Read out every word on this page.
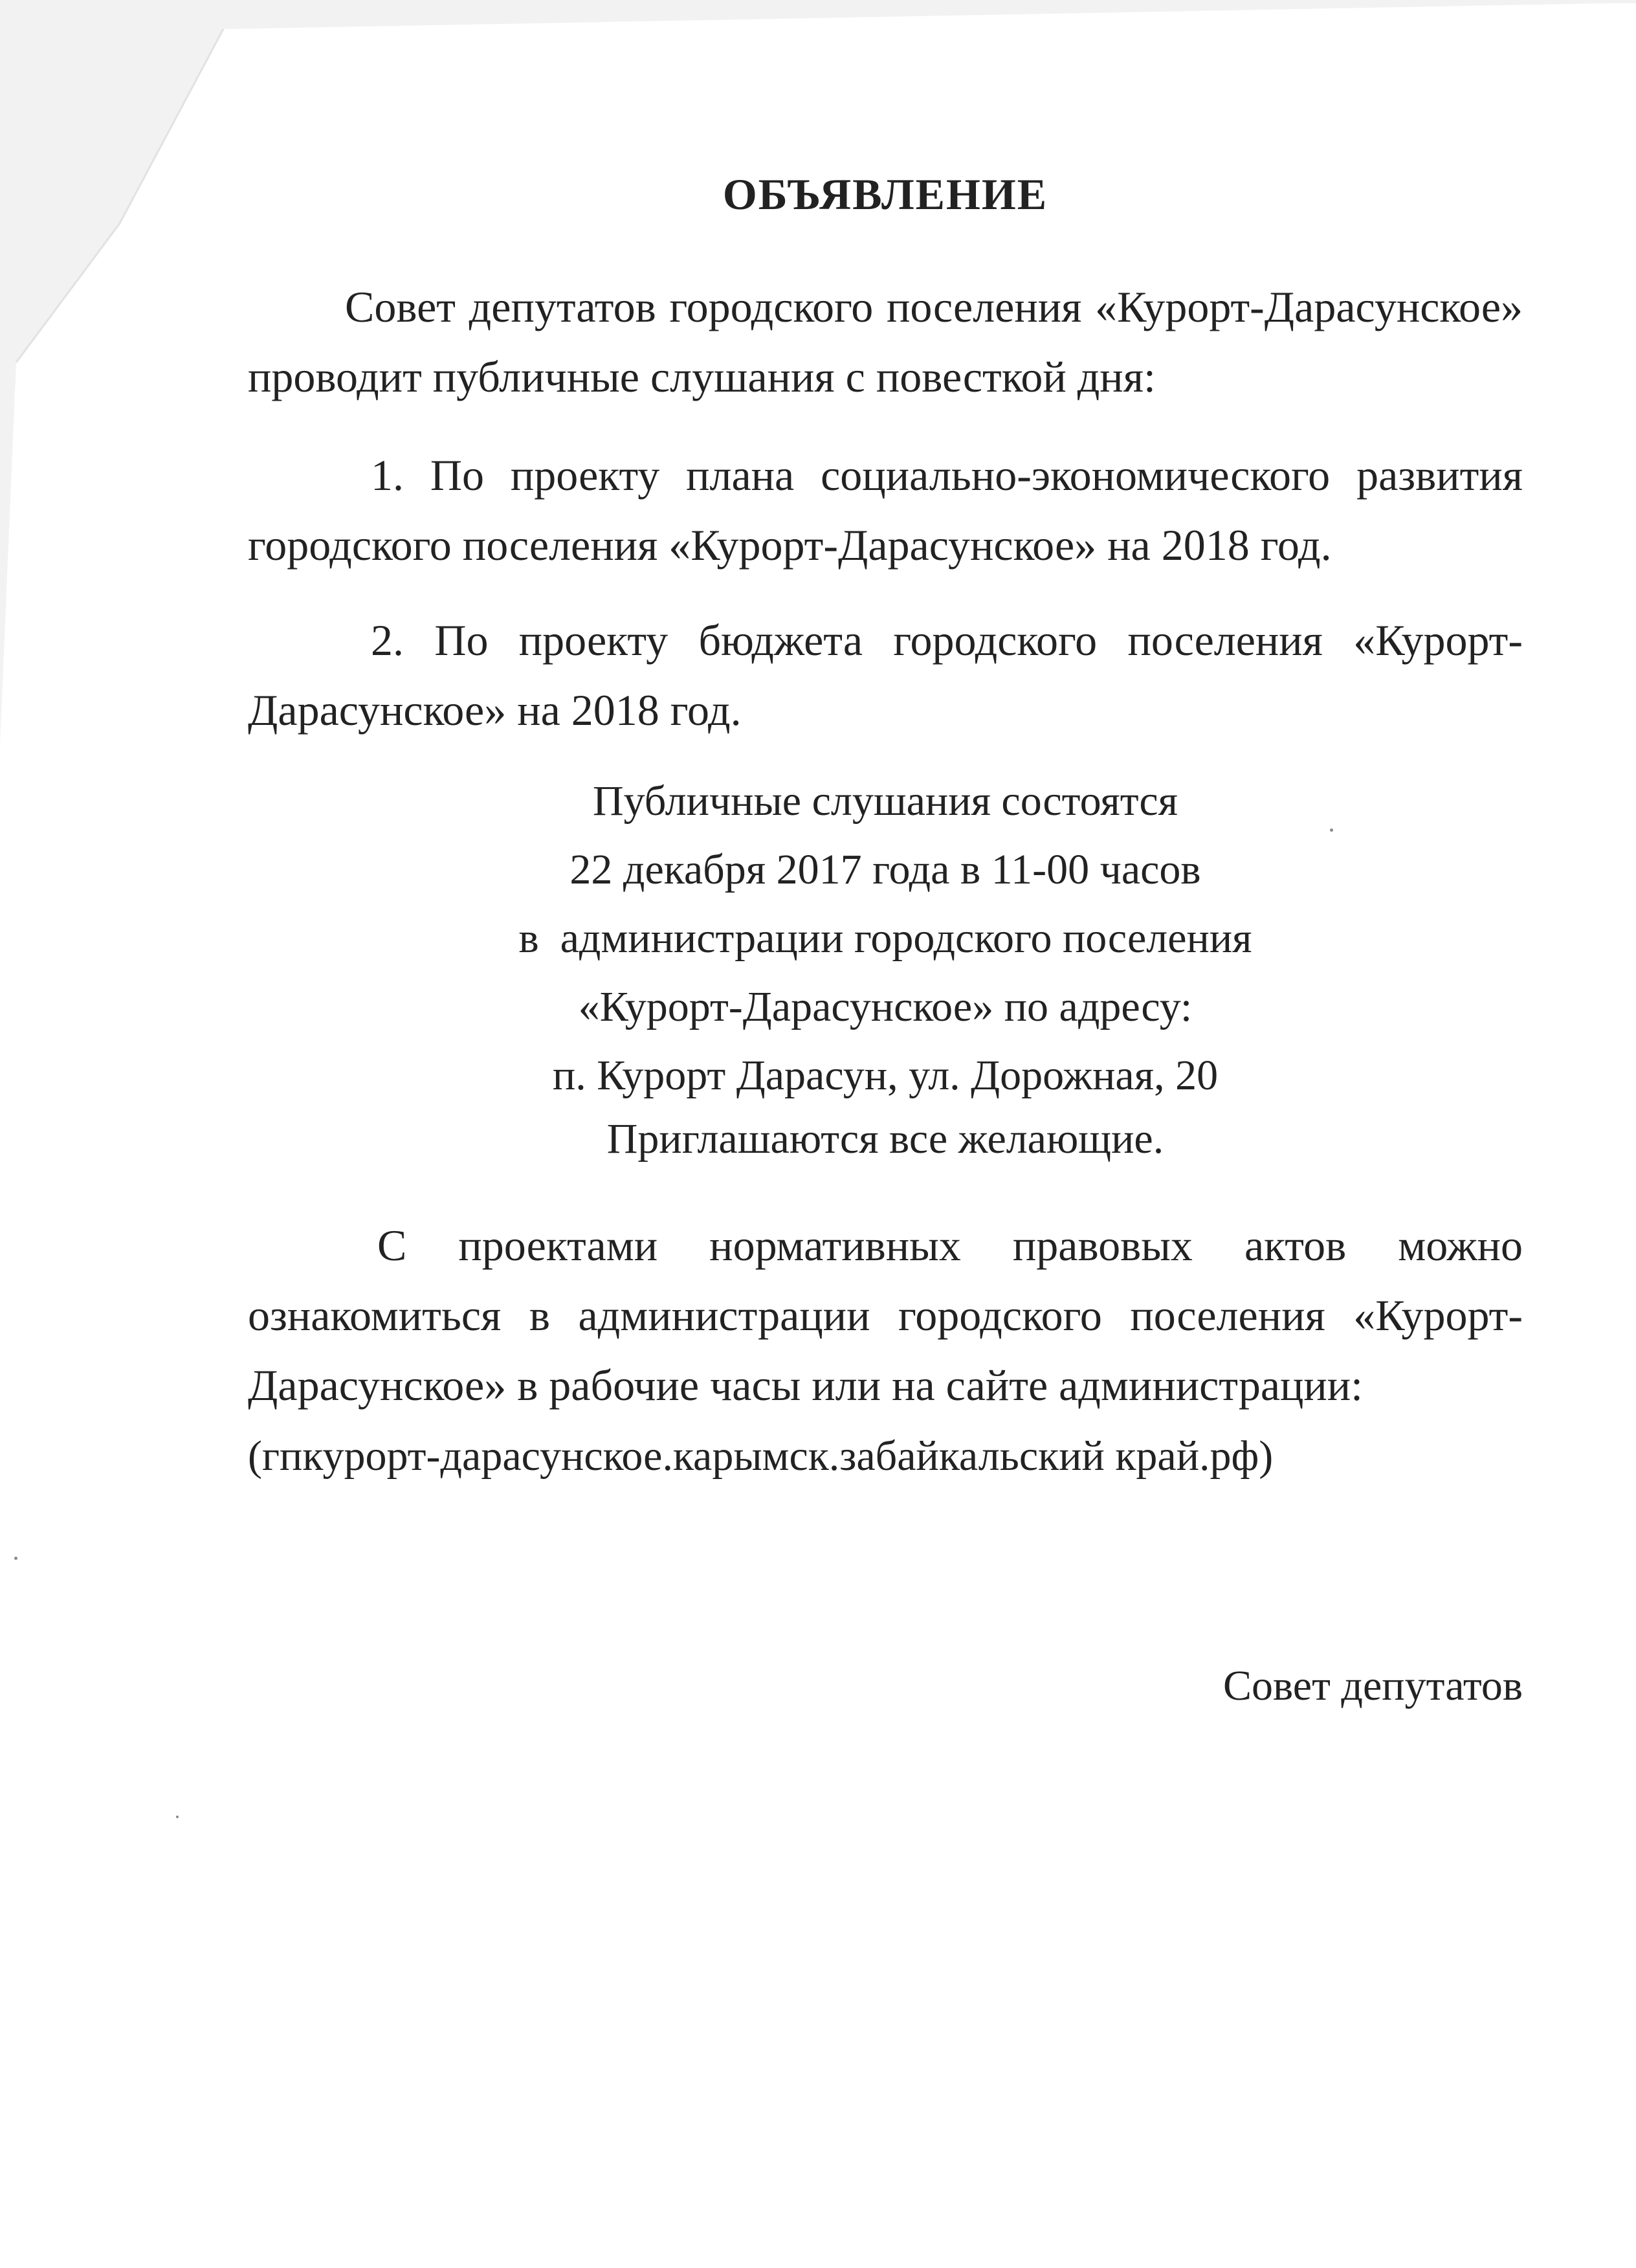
ОБЪЯВЛЕНИЕ

Совет депутатов городского поселения «Курорт-Дарасунское» проводит публичные слушания с повесткой дня:

1. По проекту плана социально-экономического развития городского поселения «Курорт-Дарасунское» на 2018 год.

2. По проекту бюджета городского поселения «Курорт-Дарасунское» на 2018 год.

Публичные слушания состоятся
22 декабря 2017 года в 11-00 часов
в  администрации городского поселения
«Курорт-Дарасунское» по адресу:
п. Курорт Дарасун, ул. Дорожная, 20

Приглашаются все желающие.

С проектами нормативных правовых актов можно ознакомиться в администрации городского поселения «Курорт-Дарасунское» в рабочие часы или на сайте администрации:

(гпкурорт-дарасунское.карымск.забайкальский край.рф)

Совет депутатов
